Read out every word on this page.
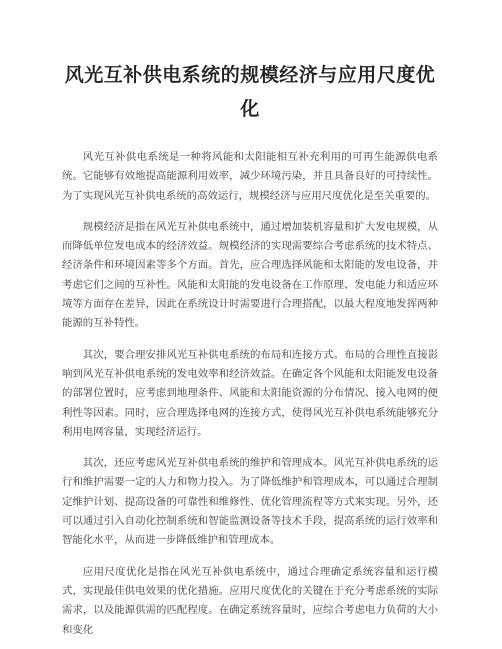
风光互补供电系统的规模经济与应用尺度优化

风光互补供电系统是一种将风能和太阳能相互补充利用的可再生能源供电系统。它能够有效地提高能源利用效率，减少环境污染，并且具备良好的可持续性。为了实现风光互补供电系统的高效运行，规模经济与应用尺度优化是至关重要的。

规模经济是指在风光互补供电系统中，通过增加装机容量和扩大发电规模，从而降低单位发电成本的经济效益。规模经济的实现需要综合考虑系统的技术特点、经济条件和环境因素等多个方面。首先，应合理选择风能和太阳能的发电设备，并考虑它们之间的互补性。风能和太阳能的发电设备在工作原理、发电能力和适应环境等方面存在差异，因此在系统设计时需要进行合理搭配，以最大程度地发挥两种能源的互补特性。

其次，要合理安排风光互补供电系统的布局和连接方式。布局的合理性直接影响到风光互补供电系统的发电效率和经济效益。在确定各个风能和太阳能发电设备的部署位置时，应考虑到地理条件、风能和太阳能资源的分布情况、接入电网的便利性等因素。同时，应合理选择电网的连接方式，使得风光互补供电系统能够充分利用电网容量，实现经济运行。

其次，还应考虑风光互补供电系统的维护和管理成本。风光互补供电系统的运行和维护需要一定的人力和物力投入。为了降低维护和管理成本，可以通过合理制定维护计划、提高设备的可靠性和维修性、优化管理流程等方式来实现。另外，还可以通过引入自动化控制系统和智能监测设备等技术手段，提高系统的运行效率和智能化水平，从而进一步降低维护和管理成本。

应用尺度优化是指在风光互补供电系统中，通过合理确定系统容量和运行模式，实现最佳供电效果的优化措施。应用尺度优化的关键在于充分考虑系统的实际需求，以及能源供需的匹配程度。在确定系统容量时，应综合考虑电力负荷的大小和变化
